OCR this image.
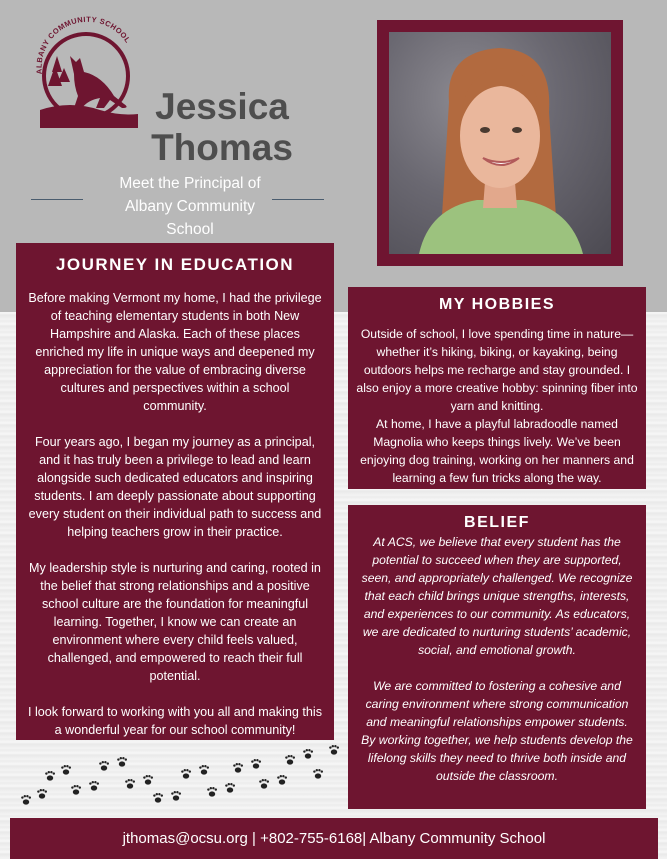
ALBANY COMMUNITY SCHOOL
Jessica
Thomas
Meet the Principal of
Albany Community
School
JOURNEY IN EDUCATION

Before making Vermont my home, I had the privilege of teaching elementary students in both New Hampshire and Alaska. Each of these places enriched my life in unique ways and deepened my appreciation for the value of embracing diverse cultures and perspectives within a school community.

Four years ago, I began my journey as a principal, and it has truly been a privilege to lead and learn alongside such dedicated educators and inspiring students. I am deeply passionate about supporting every student on their individual path to success and helping teachers grow in their practice.

My leadership style is nurturing and caring, rooted in the belief that strong relationships and a positive school culture are the foundation for meaningful learning. Together, I know we can create an environment where every child feels valued, challenged, and empowered to reach their full potential.

I look forward to working with you all and making this a wonderful year for our school community!

MY HOBBIES

Outside of school, I love spending time in nature—whether it’s hiking, biking, or kayaking, being outdoors helps me recharge and stay grounded. I also enjoy a more creative hobby: spinning fiber into yarn and knitting.

At home, I have a playful labradoodle named Magnolia who keeps things lively. We’ve been enjoying dog training, working on her manners and learning a few fun tricks along the way.

BELIEF

At ACS, we believe that every student has the potential to succeed when they are supported, seen, and appropriately challenged. We recognize that each child brings unique strengths, interests, and experiences to our community. As educators, we are dedicated to nurturing students’ academic, social, and emotional growth.

We are committed to fostering a cohesive and caring environment where strong communication and meaningful relationships empower students. By working together, we help students develop the lifelong skills they need to thrive both inside and outside the classroom.

jthomas@ocsu.org | +802-755-6168| Albany Community School
